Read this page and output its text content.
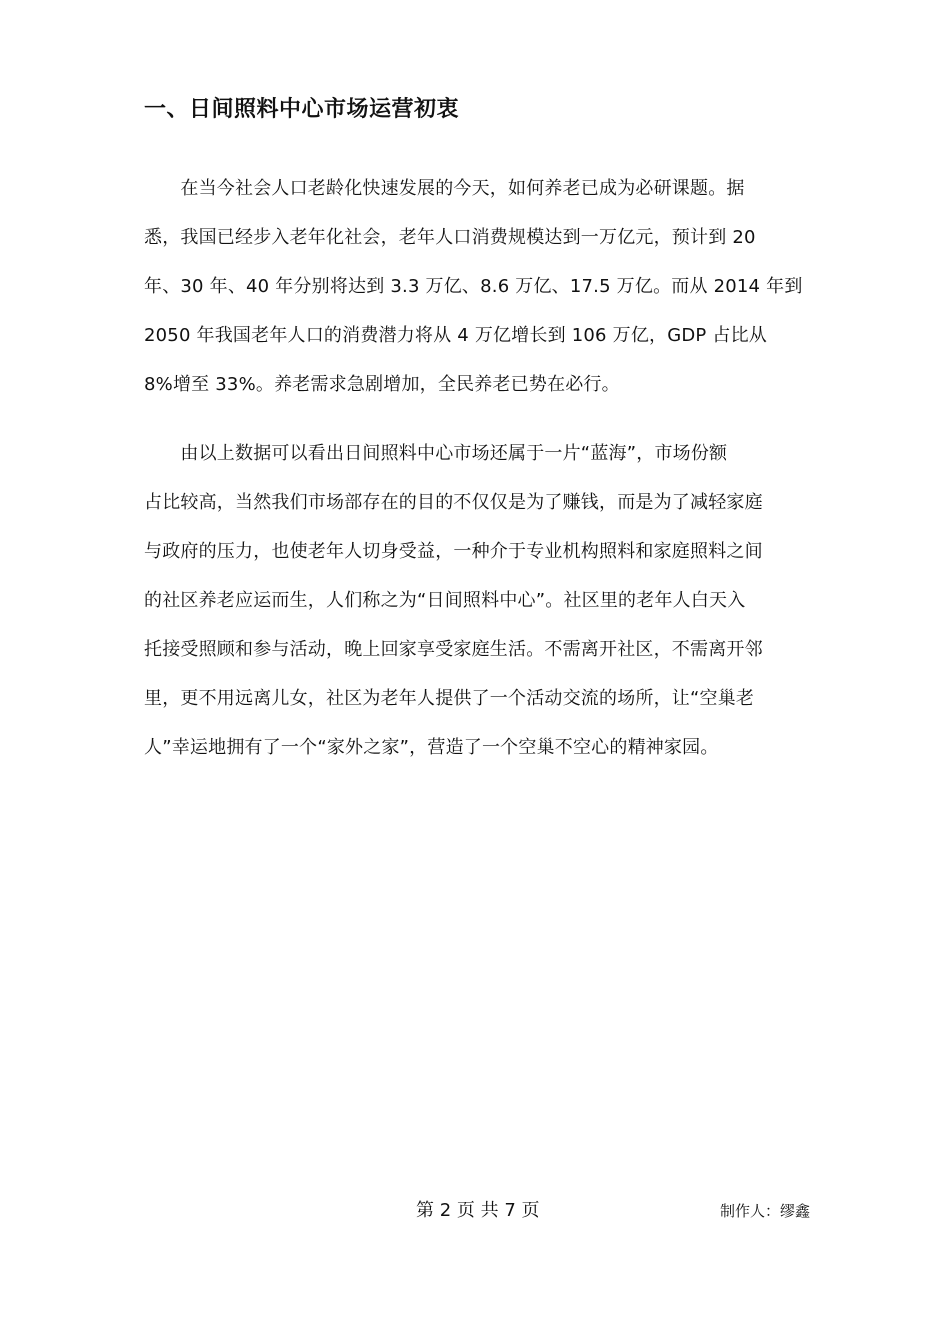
一、日间照料中心市场运营初衷
　　在当今社会人口老龄化快速发展的今天，如何养老已成为必研课题。据
悉，我国已经步入老年化社会，老年人口消费规模达到一万亿元，预计到 20
年、30 年、40 年分别将达到 3.3 万亿、8.6 万亿、17.5 万亿。而从 2014 年到
2050 年我国老年人口的消费潜力将从 4 万亿增长到 106 万亿，GDP 占比从
8%增至 33%。养老需求急剧增加，全民养老已势在必行。
　　由以上数据可以看出日间照料中心市场还属于一片“蓝海”，市场份额
占比较高，当然我们市场部存在的目的不仅仅是为了赚钱，而是为了减轻家庭
与政府的压力，也使老年人切身受益，一种介于专业机构照料和家庭照料之间
的社区养老应运而生，人们称之为“日间照料中心”。社区里的老年人白天入
托接受照顾和参与活动，晚上回家享受家庭生活。不需离开社区，不需离开邻
里，更不用远离儿女，社区为老年人提供了一个活动交流的场所，让“空巢老
人”幸运地拥有了一个“家外之家”，营造了一个空巢不空心的精神家园。
第 2 页 共 7 页	制作人：缪鑫
